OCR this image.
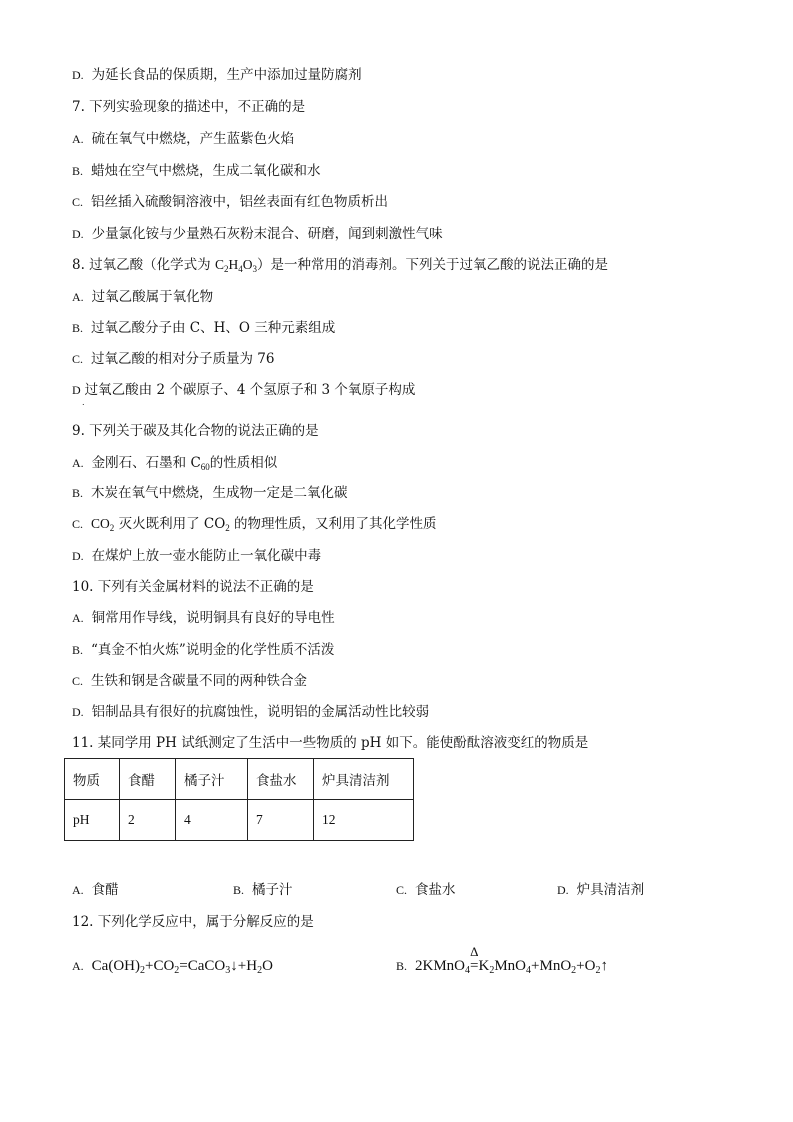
D. 为延长食品的保质期，生产中添加过量防腐剂
7. 下列实验现象的描述中，不正确的是
A. 硫在氧气中燃烧，产生蓝紫色火焰
B. 蜡烛在空气中燃烧，生成二氧化碳和水
C. 铝丝插入硫酸铜溶液中，铝丝表面有红色物质析出
D. 少量氯化铵与少量熟石灰粉末混合、研磨，闻到刺激性气味
8. 过氧乙酸（化学式为 $C_2H_4O_3$）是一种常用的消毒剂。下列关于过氧乙酸的说法正确的是
A. 过氧乙酸属于氧化物
B. 过氧乙酸分子由 C、H、O 三种元素组成
C. 过氧乙酸的相对分子质量为 76
D 过氧乙酸由 2 个碳原子、4 个氢原子和 3 个氧原子构成
.
9. 下列关于碳及其化合物的说法正确的是
A. 金刚石、石墨和 $C_{60}$的性质相似
B. 木炭在氧气中燃烧，生成物一定是二氧化碳
C. $CO_2$ 灭火既利用了 $CO_2$ 的物理性质，又利用了其化学性质
D. 在煤炉上放一壶水能防止一氧化碳中毒
10. 下列有关金属材料的说法不正确的是
A. 铜常用作导线，说明铜具有良好的导电性
B. “真金不怕火炼”说明金的化学性质不活泼
C. 生铁和钢是含碳量不同的两种铁合金
D. 铝制品具有很好的抗腐蚀性，说明铝的金属活动性比较弱
11. 某同学用 PH 试纸测定了生活中一些物质的 pH 如下。能使酚酞溶液变红的物质是
物质	食醋	橘子汁	食盐水	炉具清洁剂
pH	2	4	7	12
A. 食醋	B. 橘子汁	C. 食盐水	D. 炉具清洁剂
12. 下列化学反应中，属于分解反应的是
A. $Ca(OH)_2+CO_2=CaCO_3↓+H_2O$	B. 2KMnO$_4$
Δ
$=K_2MnO_4+MnO_2+O_2↑$
